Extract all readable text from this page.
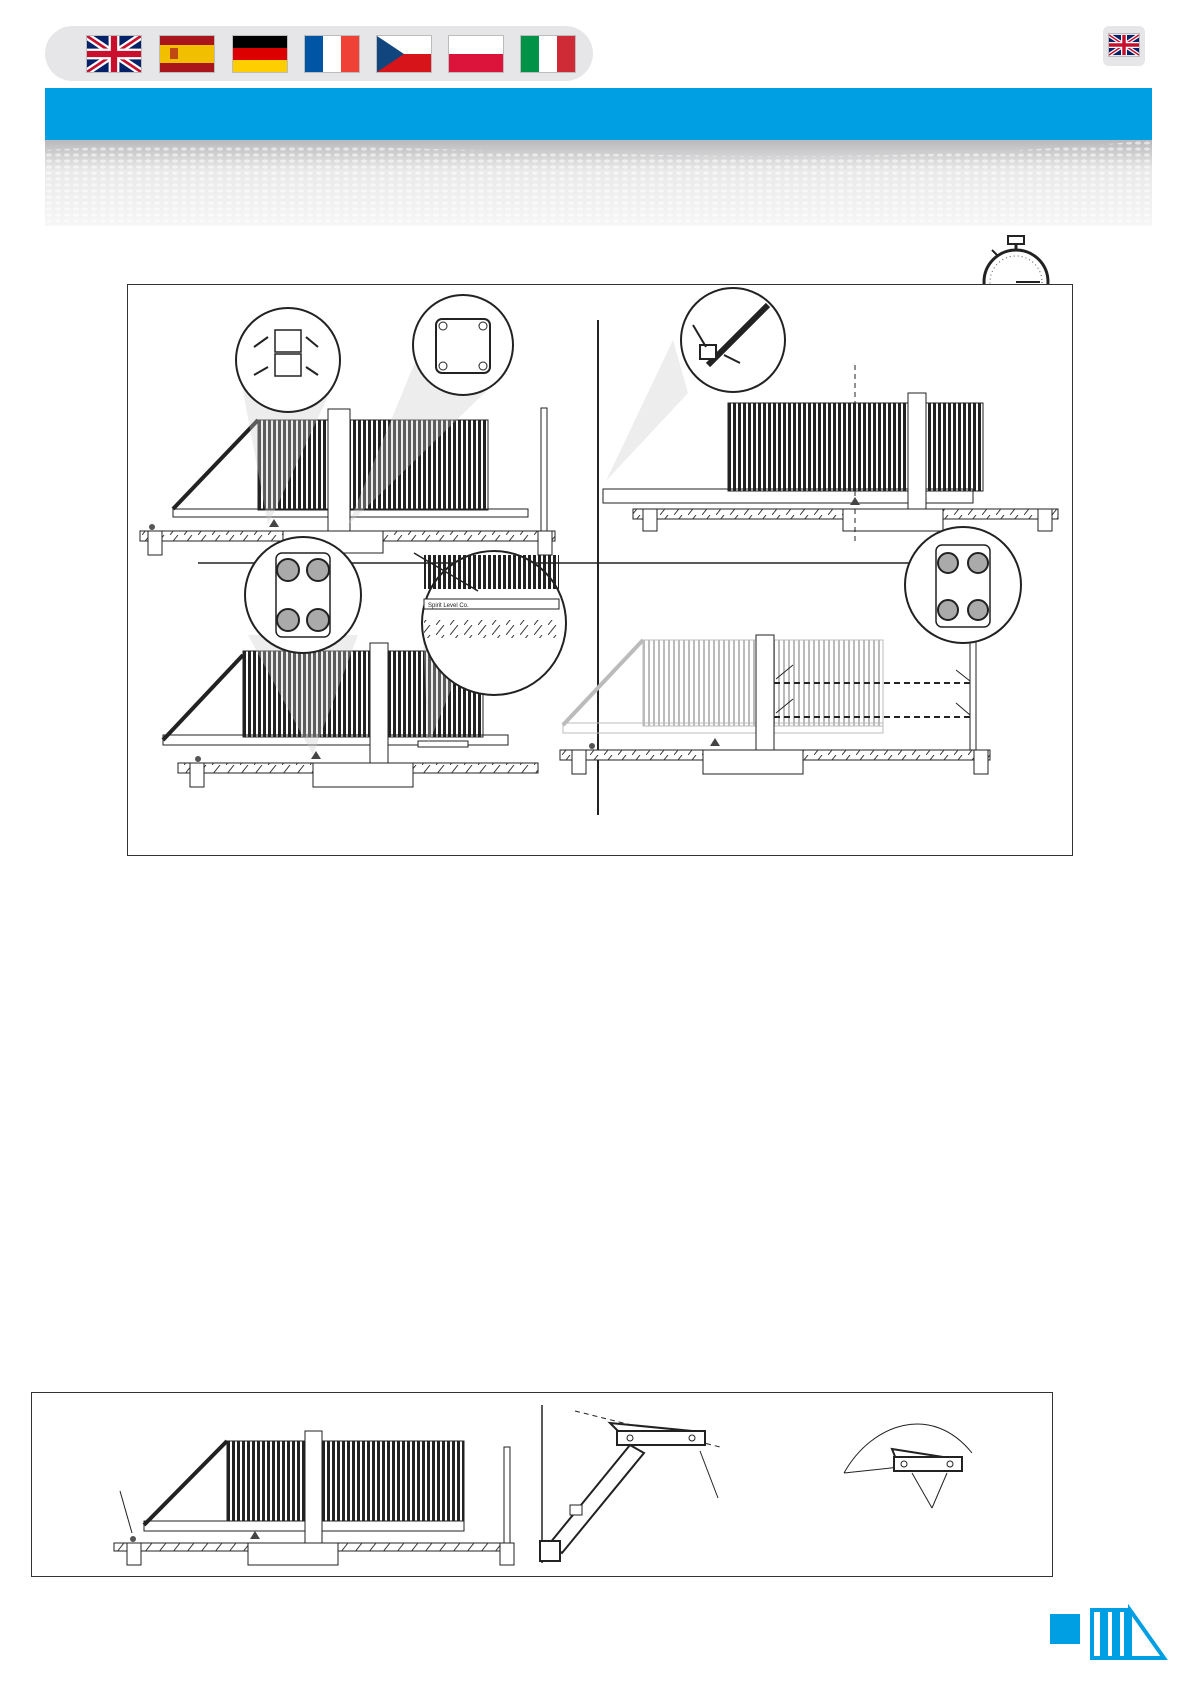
Spirit Level Co.
